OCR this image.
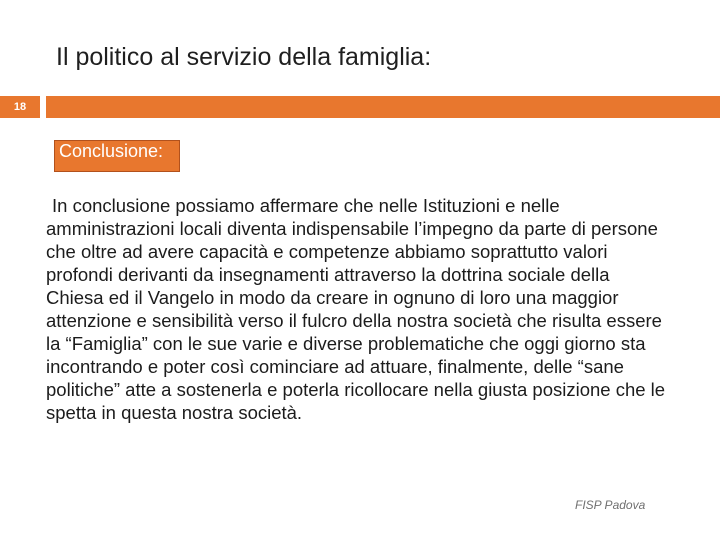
Il politico al servizio della famiglia:
18
Conclusione:

In conclusione possiamo affermare che nelle Istituzioni e nelle amministrazioni locali diventa indispensabile l’impegno da parte di persone che oltre ad avere capacità e competenze abbiamo soprattutto valori profondi derivanti da insegnamenti attraverso la dottrina sociale della Chiesa ed il Vangelo in modo da creare in ognuno di loro una maggior attenzione e sensibilità verso il fulcro della nostra società che risulta essere la “Famiglia” con le sue varie e diverse problematiche che oggi giorno sta incontrando e poter così cominciare ad attuare, finalmente, delle “sane politiche” atte a sostenerla e poterla ricollocare nella giusta posizione che le spetta in questa nostra società.

FISP Padova
